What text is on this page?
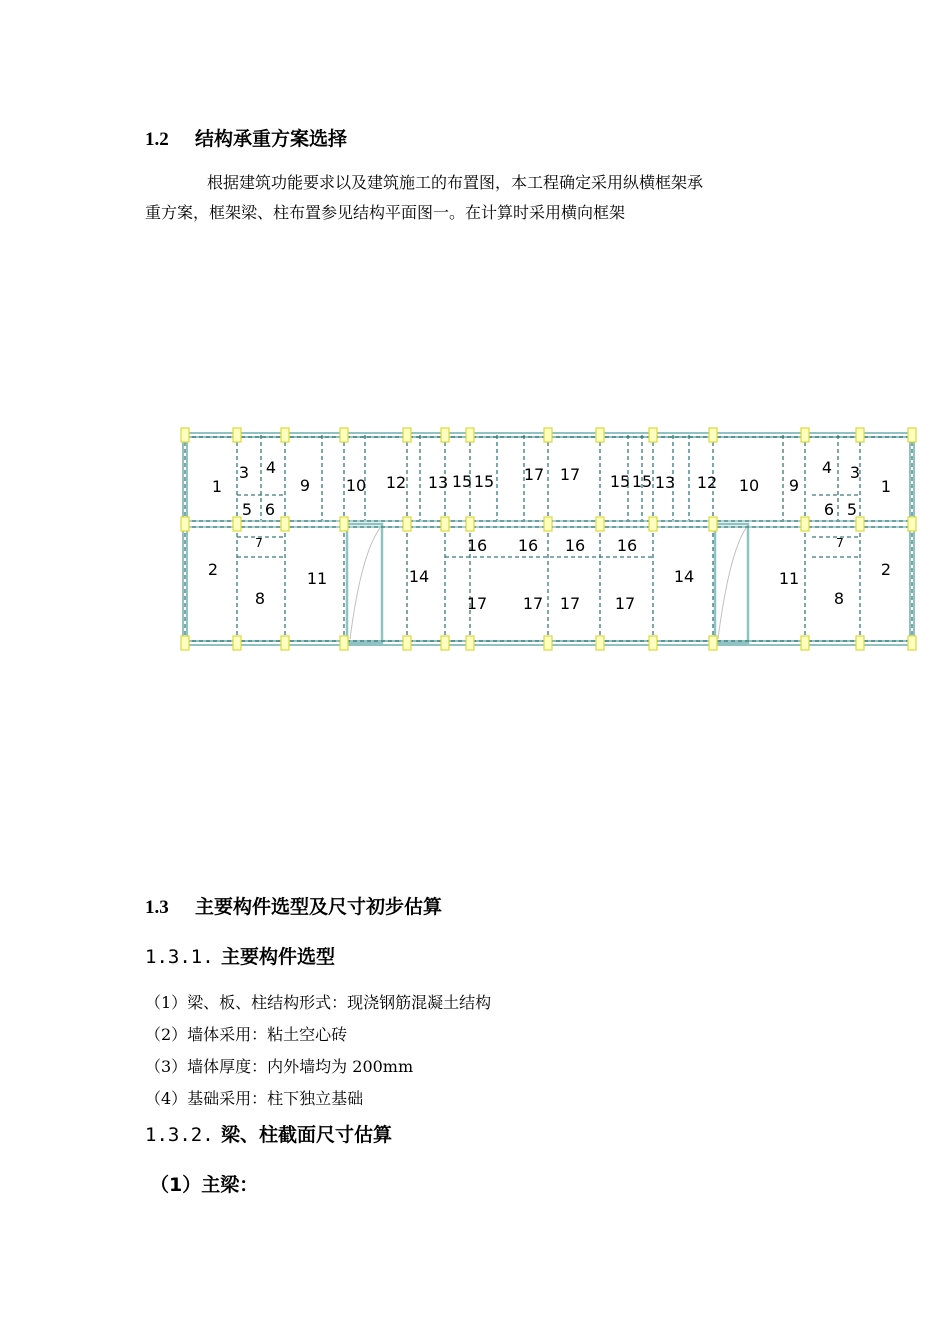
1.2 结构承重方案选择
根据建筑功能要求以及建筑施工的布置图，本工程确定采用纵横框架承
重方案，框架梁、柱布置参见结构平面图一。在计算时采用横向框架
1
3 4
9 10 12 13 15 15 17 17 15 15 13 12 10 9
4 3
1
5 6	6 5
7	7
16 16 16 16
2	11	14
8	17 17 17 17
14	11
8
2
1.3 主要构件选型及尺寸初步估算
1.3.1. 主要构件选型
（1）梁、板、柱结构形式：现浇钢筋混凝土结构
（2）墙体采用：粘土空心砖
（3）墙体厚度：内外墙均为 200mm
（4）基础采用：柱下独立基础
1.3.2. 梁、柱截面尺寸估算
（1）主梁：
